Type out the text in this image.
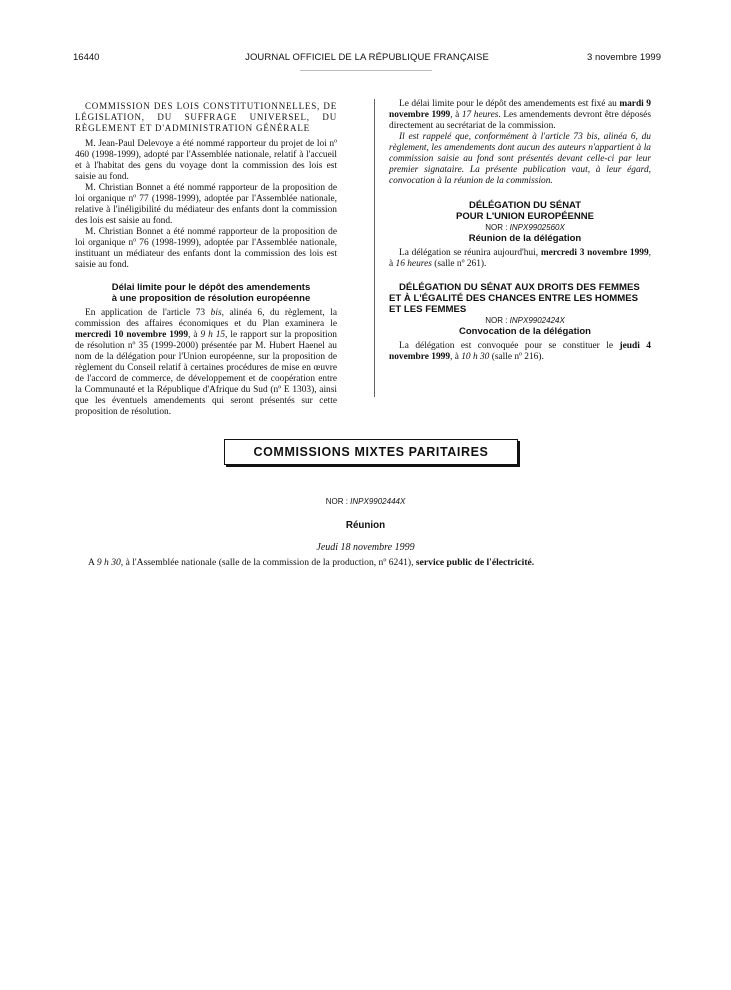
16440	JOURNAL OFFICIEL DE LA RÉPUBLIQUE FRANÇAISE	3 novembre 1999

COMMISSION DES LOIS CONSTITUTIONNELLES, DE LÉGISLATION, DU SUFFRAGE UNIVERSEL, DU RÈGLEMENT ET D'ADMINISTRATION GÉNÉRALE

M. Jean-Paul Delevoye a été nommé rapporteur du projet de loi nº 460 (1998-1999), adopté par l'Assemblée nationale, relatif à l'accueil et à l'habitat des gens du voyage dont la commission des lois est saisie au fond.

M. Christian Bonnet a été nommé rapporteur de la proposition de loi organique nº 77 (1998-1999), adoptée par l'Assemblée nationale, relative à l'inéligibilité du médiateur des enfants dont la commission des lois est saisie au fond.

M. Christian Bonnet a été nommé rapporteur de la proposition de loi organique nº 76 (1998-1999), adoptée par l'Assemblée nationale, instituant un médiateur des enfants dont la commission des lois est saisie au fond.

Délai limite pour le dépôt des amendements

à une proposition de résolution européenne

En application de l'article 73 bis, alinéa 6, du règlement, la commission des affaires économiques et du Plan examinera le mercredi 10 novembre 1999, à 9 h 15, le rapport sur la proposition de résolution nº 35 (1999-2000) présentée par M. Hubert Haenel au nom de la délégation pour l'Union européenne, sur la proposition de règlement du Conseil relatif à certaines procédures de mise en œuvre de l'accord de commerce, de développement et de coopération entre la Communauté et la République d'Afrique du Sud (nº E 1303), ainsi que les éventuels amendements qui seront présentés sur cette proposition de résolution.

Le délai limite pour le dépôt des amendements est fixé au mardi 9 novembre 1999, à 17 heures. Les amendements devront être déposés directement au secrétariat de la commission.

Il est rappelé que, conformément à l'article 73 bis, alinéa 6, du règlement, les amendements dont aucun des auteurs n'appartient à la commission saisie au fond sont présentés devant celle-ci par leur premier signataire. La présente publication vaut, à leur égard, convocation à la réunion de la commission.

DÉLÉGATION DU SÉNAT

POUR L'UNION EUROPÉENNE

NOR : INPX9902560X

Réunion de la délégation

La délégation se réunira aujourd'hui, mercredi 3 novembre 1999, à 16 heures (salle nº 261).

DÉLÉGATION DU SÉNAT AUX DROITS DES FEMMES ET À L'ÉGALITÉ DES CHANCES ENTRE LES HOMMES ET LES FEMMES

NOR : INPX9902424X

Convocation de la délégation

La délégation est convoquée pour se constituer le jeudi 4 novembre 1999, à 10 h 30 (salle nº 216).

COMMISSIONS MIXTES PARITAIRES
NOR : INPX9902444X
Réunion
Jeudi 18 novembre 1999
A 9 h 30, à l'Assemblée nationale (salle de la commission de la production, nº 6241), service public de l'électricité.
